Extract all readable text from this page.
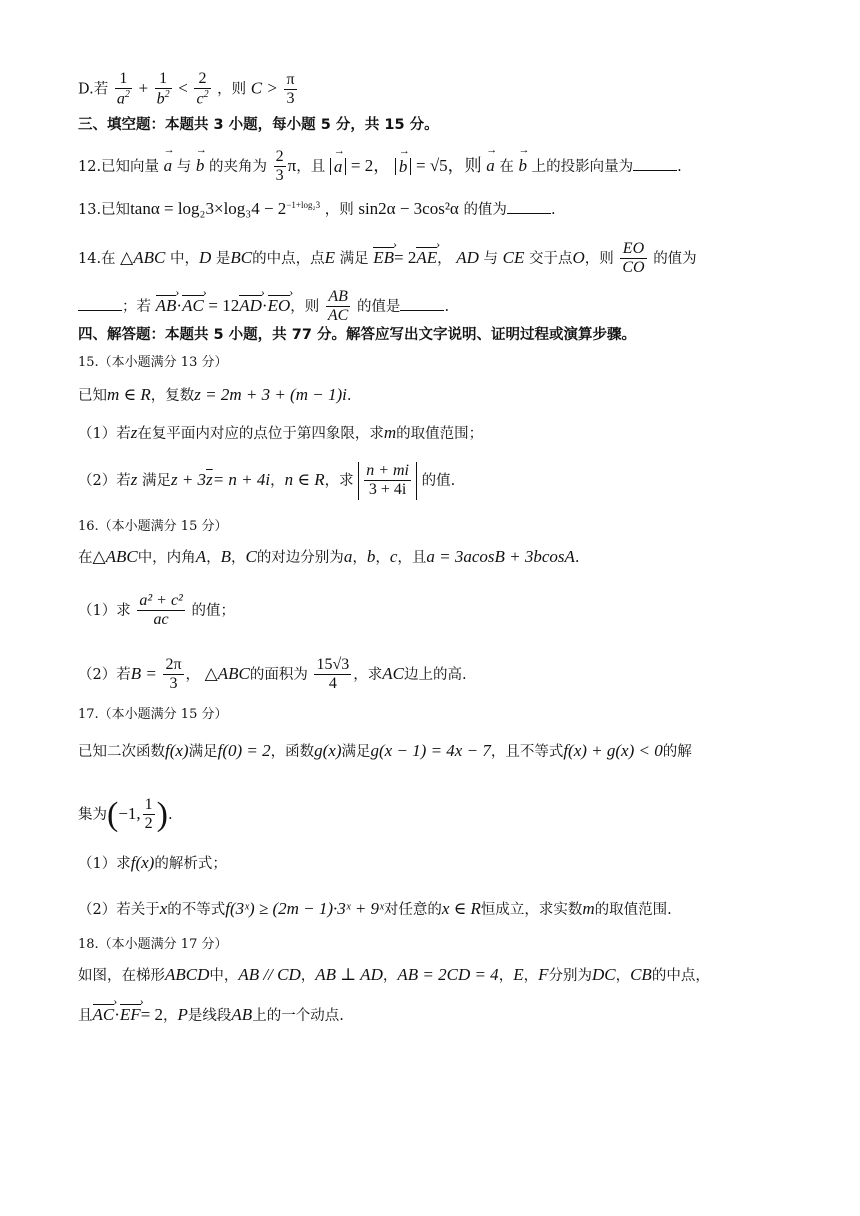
D.若 $\frac{1}{a^2} + \frac{1}{b^2} < \frac{2}{c^2}$ ，则 $C > \frac{\pi}{3}$
三、填空题：本题共 3 小题，每小题 5 分，共 15 分。
12.已知向量 → a 与 → b 的夹角为 $\frac{2}{3}$ π，且 → a = 2， → b = √5，则 → a 在 → b 上的投影向量为	.
13.已知$\tan\alpha = \log_23\times\log_34 - 2^{-1+log_23}$ ，则 sin2α − 3cos²α 的值为	.
14.在 △ABC 中，D 是BC的中点，点E 满足 EB ›= 2AE ›， AD 与 CE 交于点O，则 $\frac{EO}{CO}$ 的值为
；若 AB ›·AC › = 12AD ›·EO ›，则 $\frac{AB}{AC}$ 的值是	.
四、解答题：本题共 5 小题，共 77 分。解答应写出文字说明、证明过程或演算步骤。
15.（本小题满分 13 分）
已知m ∈ R，复数z = 2m + 3 + (m − 1)i.
（1）若z在复平面内对应的点位于第四象限，求m的取值范围；
（2）若z 满足$z + 3\overline{z}= n + 4i$，n ∈ R，求 $\frac{n + mi}{3 + 4i}$ 的值.
16.（本小题满分 15 分）
在△ABC中，内角A，B，C的对边分别为a，b，c，且a = 3acosB + 3bcosA.
（1）求 $\frac{\text{a² + c²}}{ac}$ 的值；
（2）若$B = \frac{2\pi}{3}$ ， △ABC的面积为 $\frac{15√3}{4}$ ，求AC边上的高.
17.（本小题满分 15 分）
已知二次函数f(x)满足f(0) = 2，函数g(x)满足g(x − 1) = 4x − 7，且不等式f(x) + g(x) < 0的解
集为(−1, $\frac{1}{2}$ ).
（1）求f(x)的解析式；
（2）若关于x的不等式f(3ˣ) ≥ (2m − 1)·3ˣ + 9ˣ对任意的x ∈ R恒成立，求实数m的取值范围.
18.（本小题满分 17 分）
如图，在梯形ABCD中，AB // CD，AB ⊥ AD，AB = 2CD = 4，E，F分别为DC，CB的中点，
且AC ›·EF ›= 2，P是线段AB上的一个动点.
